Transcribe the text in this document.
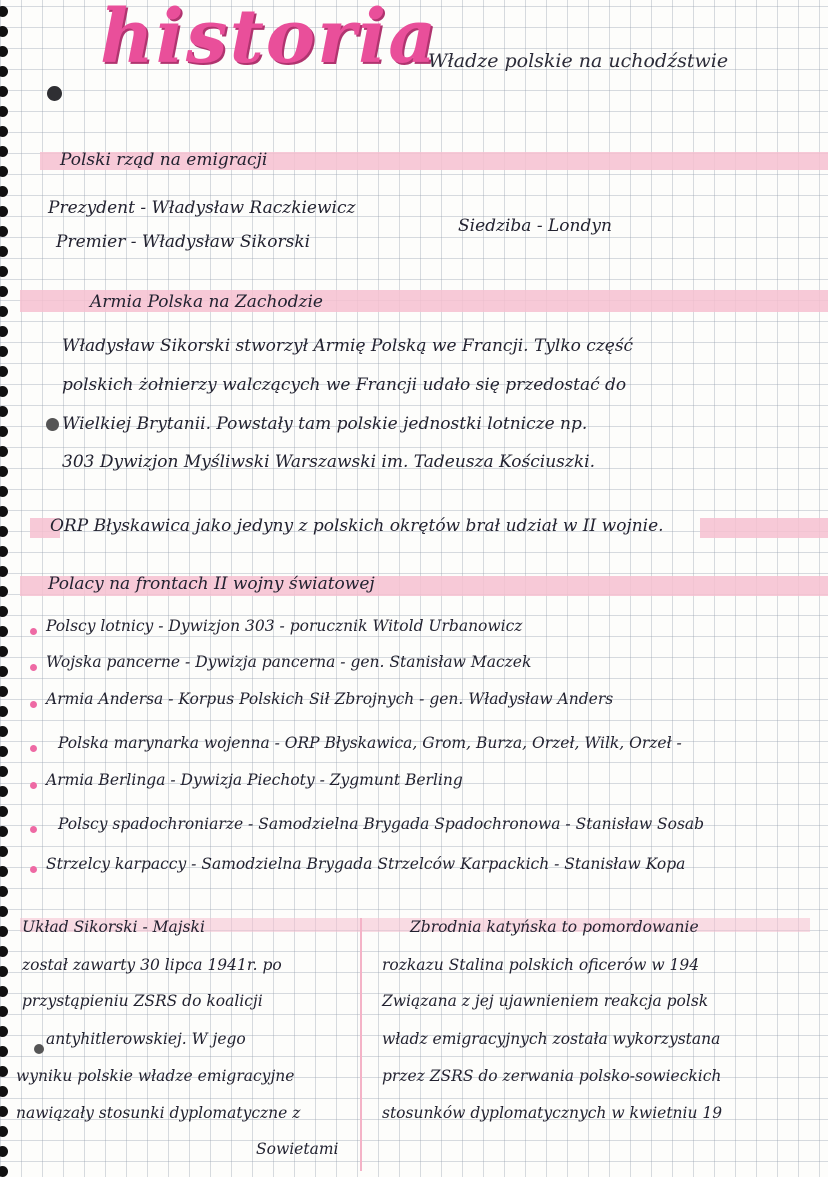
historia
Władze polskie na uchodźstwie
Polski rząd na emigracji
Prezydent - Władysław Raczkiewicz
Siedziba - Londyn
Premier - Władysław Sikorski
Armia Polska na Zachodzie
Władysław Sikorski stworzył Armię Polską we Francji. Tylko część
polskich żołnierzy walczących we Francji udało się przedostać do
Wielkiej Brytanii. Powstały tam polskie jednostki lotnicze np.
303 Dywizjon Myśliwski Warszawski im. Tadeusza Kościuszki.
ORP Błyskawica jako jedyny z polskich okrętów brał udział w II wojnie.
Polacy na frontach II wojny światowej
Polscy lotnicy - Dywizjon 303 - porucznik Witold Urbanowicz
Wojska pancerne - Dywizja pancerna - gen. Stanisław Maczek
Armia Andersa - Korpus Polskich Sił Zbrojnych - gen. Władysław Anders
Polska marynarka wojenna - ORP Błyskawica, Grom, Burza, Orzeł, Wilk, Orzeł -
Armia Berlinga - Dywizja Piechoty - Zygmunt Berling
Polscy spadochroniarze - Samodzielna Brygada Spadochronowa - Stanisław Sosab
Strzelcy karpaccy - Samodzielna Brygada Strzelców Karpackich - Stanisław Kopa
Układ Sikorski - Majski
został zawarty 30 lipca 1941r. po
przystąpieniu ZSRS do koalicji
antyhitlerowskiej. W jego
wyniku polskie władze emigracyjne
nawiązały stosunki dyplomatyczne z
Sowietami
Zbrodnia katyńska to pomordowanie
rozkazu Stalina polskich oficerów w 194
Związana z jej ujawnieniem reakcja polsk
władz emigracyjnych została wykorzystana
przez ZSRS do zerwania polsko-sowieckich
stosunków dyplomatycznych w kwietniu 19
